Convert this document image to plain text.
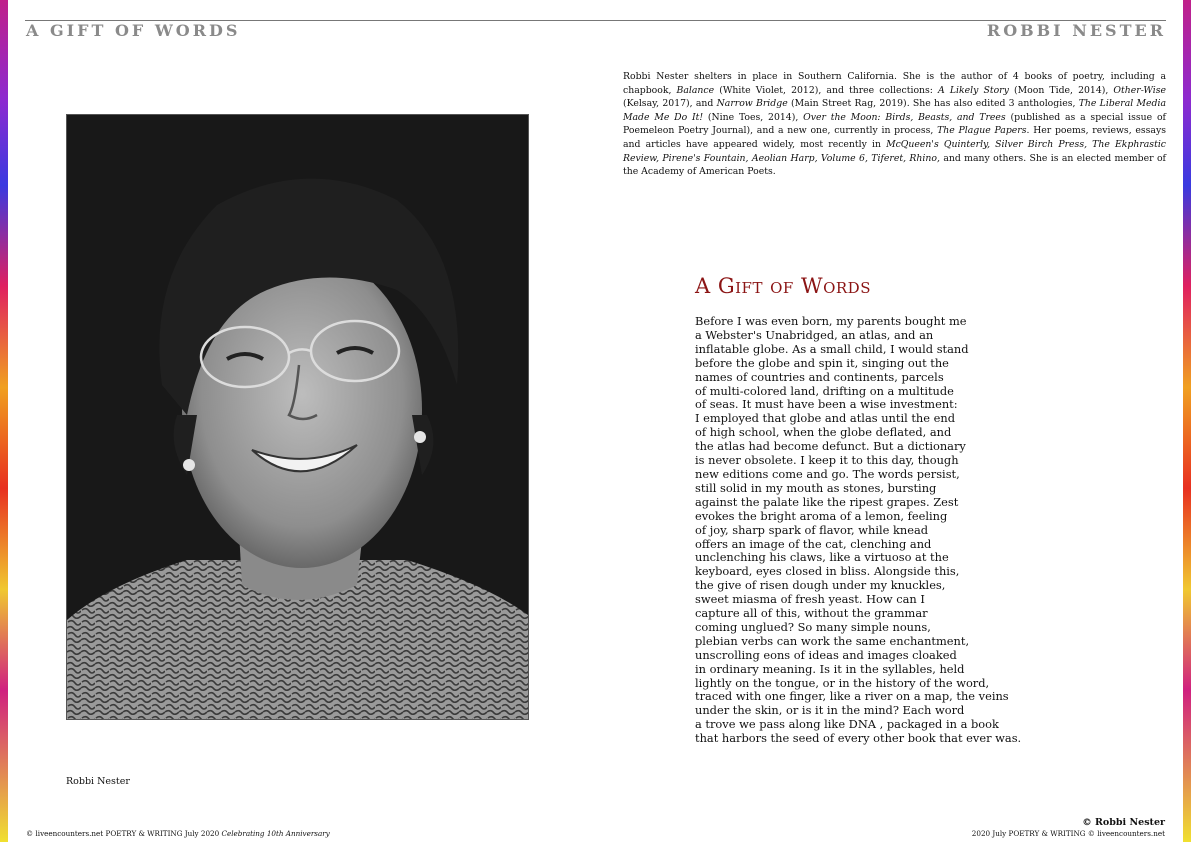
A GIFT OF WORDS	ROBBI NESTER
Robbi Nester shelters in place in Southern California. She is the author of 4 books of poetry, including a chapbook, Balance (White Violet, 2012), and three collections: A Likely Story (Moon Tide, 2014), Other-Wise (Kelsay, 2017), and Narrow Bridge (Main Street Rag, 2019). She has also edited 3 anthologies, The Liberal Media Made Me Do It! (Nine Toes, 2014), Over the Moon: Birds, Beasts, and Trees (published as a special issue of Poemeleon Poetry Journal), and a new one, currently in process, The Plague Papers. Her poems, reviews, essays and articles have appeared widely, most recently in McQueen's Quinterly, Silver Birch Press, The Ekphrastic Review, Pirene's Fountain, Aeolian Harp, Volume 6, Tiferet, Rhino, and many others. She is an elected member of the Academy of American Poets.
A Gift of Words
Before I was even born, my parents bought me
a Webster's Unabridged, an atlas, and an
inflatable globe. As a small child, I would stand
before the globe and spin it, singing out the
names of countries and continents, parcels
of multi-colored land, drifting on a multitude
of seas. It must have been a wise investment:
I employed that globe and atlas until the end
of high school, when the globe deflated, and
the atlas had become defunct. But a dictionary
is never obsolete. I keep it to this day, though
new editions come and go. The words persist,
still solid in my mouth as stones, bursting
against the palate like the ripest grapes. Zest
evokes the bright aroma of a lemon, feeling
of joy, sharp spark of flavor, while knead
offers an image of the cat, clenching and
unclenching his claws, like a virtuoso at the
keyboard, eyes closed in bliss. Alongside this,
the give of risen dough under my knuckles,
sweet miasma of fresh yeast. How can I
capture all of this, without the grammar
coming unglued? So many simple nouns,
plebian verbs can work the same enchantment,
unscrolling eons of ideas and images cloaked
in ordinary meaning. Is it in the syllables, held
lightly on the tongue, or in the history of the word,
traced with one finger, like a river on a map, the veins
under the skin, or is it in the mind? Each word
a trove we pass along like DNA , packaged in a book
that harbors the seed of every other book that ever was.
Robbi Nester
© Robbi Nester
© liveencounters.net POETRY & WRITING July 2020 Celebrating 10th Anniversary	2020 July POETRY & WRITING © liveencounters.net
